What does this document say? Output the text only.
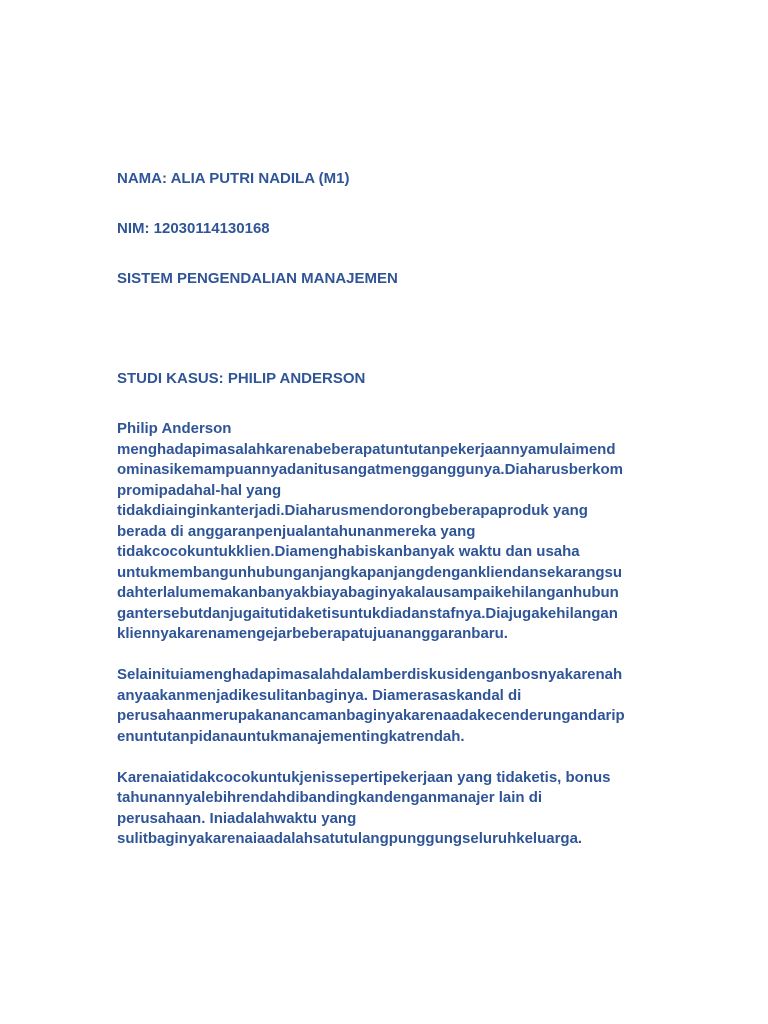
NAMA: ALIA PUTRI NADILA (M1)
NIM: 12030114130168
SISTEM PENGENDALIAN MANAJEMEN
STUDI KASUS: PHILIP ANDERSON
Philip Anderson
menghadapimasalahkarenabeberapatuntutanpekerjaannyamulaimend
ominasikemampuannyadanitusangatmengganggunya.Diaharusberkom
promipadahal-hal yang
tidakdiainginkanterjadi.Diaharusmendorongbeberapaproduk yang
berada di anggaranpenjualantahunanmereka yang
tidakcocokuntukklien.Diamenghabiskanbanyak waktu dan usaha
untukmembangunhubunganjangkapanjangdengankliendansekarangsu
dahterlalumemakanbanyakbiayabaginyakalausampaikehilanganhubun
gantersebutdanjugaitutidaketisuntukdiadanstafnya.Diajugakehilangan
kliennyakarenamengejarbeberapatujuananggaranbaru.
Selainituiamenghadapimasalahdalamberdiskusidenganbosnyakarenah
anyaakanmenjadikesulitanbaginya. Diamerasaskandal di
perusahaanmerupakanancamanbaginyakarenaadakecenderungandarip
enuntutanpidanauntukmanajementingkatrendah.
Karenaiatidakcocokuntukjenissepertipekerjaan yang tidaketis, bonus
tahunannyalebihrendahdibandingkandenganmanajer lain di
perusahaan. Iniadalahwaktu yang
sulitbaginyakarenaiaadalahsatutulangpunggungseluruhkeluarga.
